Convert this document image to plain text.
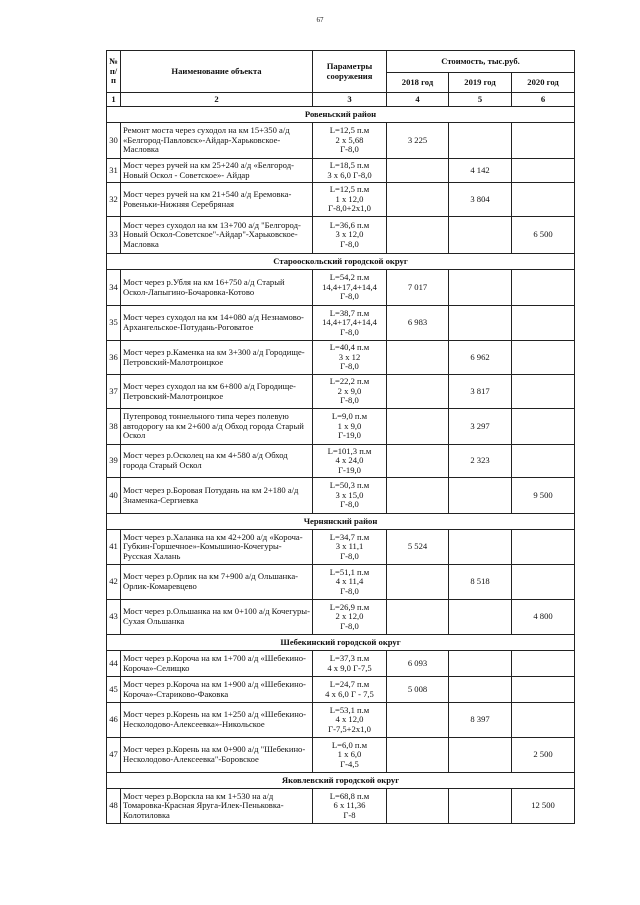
67
№ п/п	Наименование объекта	Параметры сооружения	Стоимость, тыс.руб.		
			2018 год	2019 год	2020 год
1	2	3	4	5	6
Ровеньский район					
30	Ремонт моста через суходол на км 15+350 а/д «Белгород-Павловск»-Айдар-Харьковское-Масловка	L=12,5 п.м
2 х 5,68
Г-8,0	3 225		
31	Мост через ручей на км 25+240 а/д «Белгород-Новый Оскол - Советское»- Айдар	L=18,5 п.м
3 х 6,0 Г-8,0		4 142	
32	Мост через ручей на км 21+540 а/д Еремовка-Ровеньки-Нижняя Серебряная	L=12,5 п.м
1 х 12,0
Г-8,0+2х1,0		3 804	
33	Мост через суходол на км 13+700 а/д "Белгород-Новый Оскол-Советское"-Айдар"-Харьковское-Масловка	L=36,6 п.м
3 х 12,0
Г-8,0			6 500
Старооскольский городской округ					
34	Мост через р.Убля на км 16+750 а/д Старый Оскол-Лапыгино-Бочаровка-Котово	L=54,2 п.м
14,4+17,4+14,4
Г-8,0	7 017		
35	Мост через суходол на км 14+080 а/д Незнамово-Архангельское-Потудань-Роговатое	L=38,7 п.м
14,4+17,4+14,4
Г-8,0	6 983		
36	Мост через р.Каменка на км 3+300 а/д Городище-Петровский-Малотроицкое	L=40,4 п.м
3 х 12
Г-8,0		6 962	
37	Мост через суходол на км 6+800 а/д Городище-Петровский-Малотроицкое	L=22,2 п.м
2 х 9,0
Г-8,0		3 817	
38	Путепровод тоннельного типа через полевую автодорогу на км 2+600 а/д Обход города Старый Оскол	L=9,0 п.м
1 х 9,0
Г-19,0		3 297	
39	Мост через р.Осколец на км 4+580 а/д Обход города Старый Оскол	L=101,3 п.м
4 х 24,0
Г-19,0		2 323	
40	Мост через р.Боровая Потудань на км 2+180 а/д Знаменка-Сергиевка	L=50,3 п.м
3 х 15,0
Г-8,0			9 500
Чернянский район					
41	Мост через р.Халанка на км 42+200 а/д «Короча-Губкин-Горшечное»-Комышино-Кочегуры-Русская Халань	L=34,7 п.м
3 х 11,1
Г-8,0	5 524		
42	Мост через р.Орлик на км 7+900 а/д Ольшанка-Орлик-Комаревцево	L=51,1 п.м
4 х 11,4
Г-8,0		8 518	
43	Мост через р.Ольшанка на км 0+100 а/д Кочегуры-Сухая Ольшанка	L=26,9 п.м
2 х 12,0
Г-8,0			4 800
Шебекинский городской округ					
44	Мост через р.Короча на км 1+700 а/д «Шебекино-Короча»-Селищко	L=37,3 п.м
4 х 9,0 Г-7,5	6 093		
45	Мост через р.Короча на км 1+900 а/д «Шебекино-Короча»-Стариково-Факовка	L=24,7 п.м
4 х 6,0 Г - 7,5	5 008		
46	Мост через р.Корень на км 1+250 а/д «Шебекино-Несколодово-Алексеевка»-Никольское	L=53,1 п.м
4 х 12,0
Г-7,5+2х1,0		8 397	
47	Мост через р.Корень на км 0+900 а/д "Шебекино-Несколодово-Алексеевка"-Боровское	L=6,0 п.м
1 х 6,0
Г-4,5			2 500
Яковлевский городской округ					
48	Мост через р.Ворскла на км 1+530 на а/д Томаровка-Красная Яруга-Илек-Пеньковка-Колотиловка	L=68,8 п.м
6 х 11,36
Г-8			12 500
